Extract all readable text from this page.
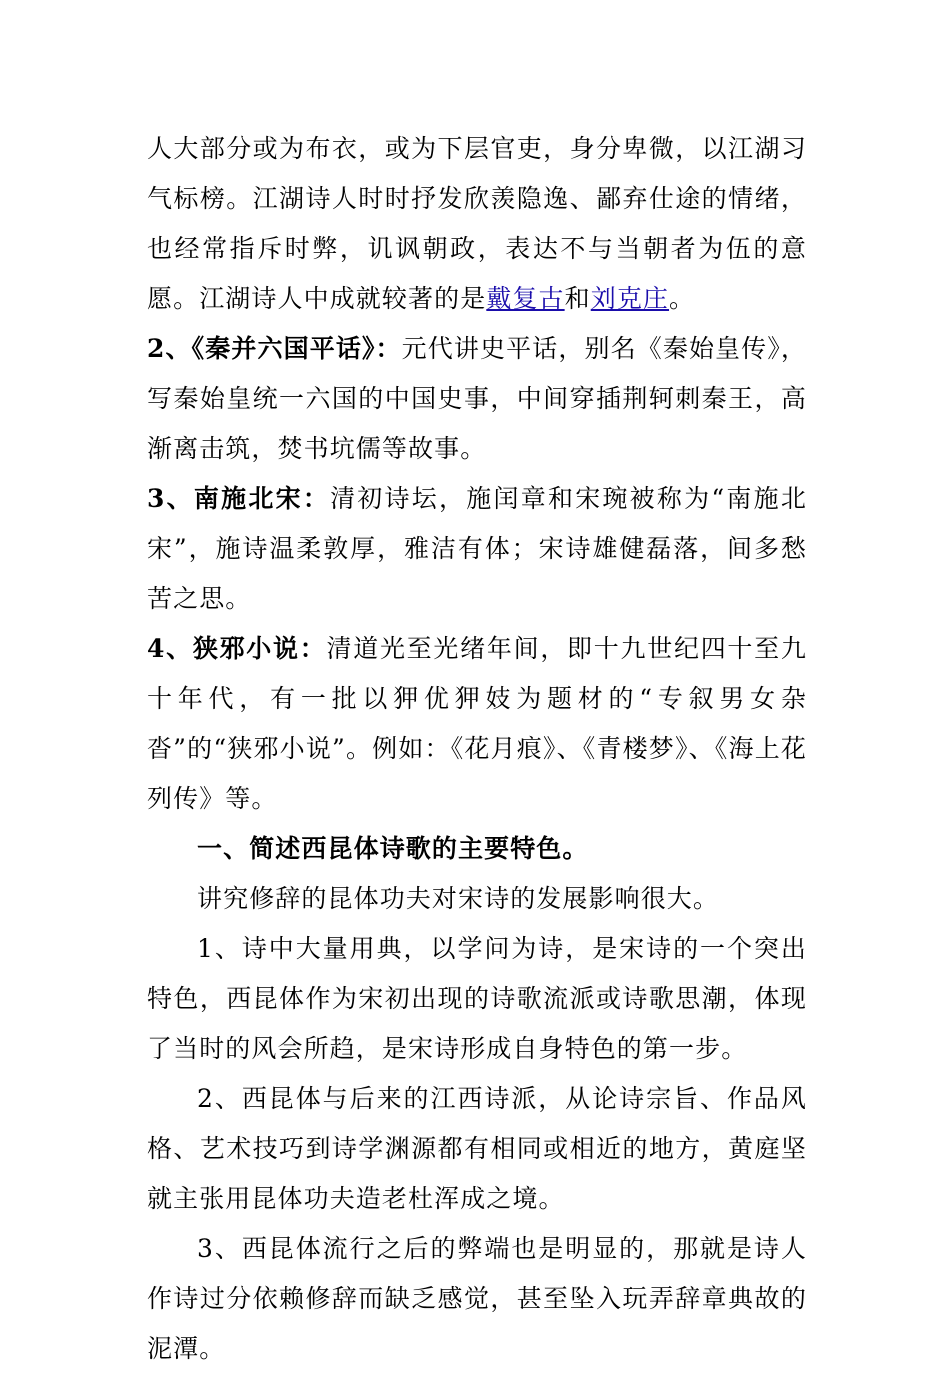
人大部分或为布衣，或为下层官吏，身分卑微，以江湖习气标榜。江湖诗人时时抒发欣羡隐逸、鄙弃仕途的情绪，也经常指斥时弊，讥讽朝政，表达不与当朝者为伍的意愿。江湖诗人中成就较著的是戴复古和刘克庄。

2、《秦并六国平话》：元代讲史平话，别名《秦始皇传》，写秦始皇统一六国的中国史事，中间穿插荆轲刺秦王，高渐离击筑，焚书坑儒等故事。

3、南施北宋：清初诗坛，施闰章和宋琬被称为“南施北宋”，施诗温柔敦厚，雅洁有体；宋诗雄健磊落，间多愁苦之思。

4、狭邪小说：清道光至光绪年间，即十九世纪四十至九十年代，有一批以狎优狎妓为题材的“专叙男女杂沓”的“狭邪小说”。例如：《花月痕》、《青楼梦》、《海上花列传》等。

一、简述西昆体诗歌的主要特色。

讲究修辞的昆体功夫对宋诗的发展影响很大。

1、诗中大量用典，以学问为诗，是宋诗的一个突出特色，西昆体作为宋初出现的诗歌流派或诗歌思潮，体现了当时的风会所趋，是宋诗形成自身特色的第一步。

2、西昆体与后来的江西诗派，从论诗宗旨、作品风格、艺术技巧到诗学渊源都有相同或相近的地方，黄庭坚就主张用昆体功夫造老杜浑成之境。

3、西昆体流行之后的弊端也是明显的，那就是诗人作诗过分依赖修辞而缺乏感觉，甚至坠入玩弄辞章典故的泥潭。
